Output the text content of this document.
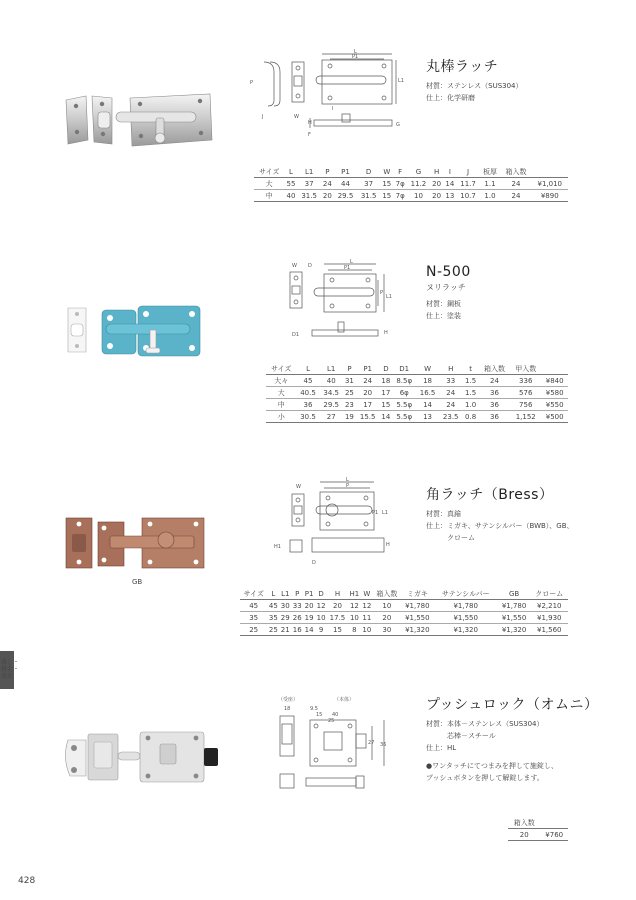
P
J	W
L
P1
L1
H
I
F
G
丸棒ラッチ
材質：ステンレス（SUS304）
仕上：化学研磨
サイズ	L	L1	P	P1	D	W	F	G	H	I	J	板厚	箱入数	
大	55	37	24	44	37	15	7φ	11.2	20	14	11.7	1.1	24	¥1,010
中	40	31.5	20	29.5	31.5	15	7φ	10	20	13	10.7	1.0	24	¥890
W D
L
P1
P
L1
D1	H
N-500
ヌリラッチ
材質：鋼板
仕上：塗装
サイズ	L	L1	P	P1	D	D1	W	H	t	箱入数	甲入数	
大々	45	40	31	24	18	8.5φ	18	33	1.5	24	336	¥840
大	40.5	34.5	25	20	17	6φ	16.5	24	1.5	36	576	¥580
中	36	29.5	23	17	15	5.5φ	14	24	1.0	36	756	¥550
小	30.5	27	19	15.5	14	5.5φ	13	23.5	0.8	36	1,152	¥500
GB
W
L
P
P1 L1
H1	H
D
角ラッチ（Bress）
材質：真鍮
仕上：ミガキ、サテンシルバー（BWB）、GB、
　　　クローム
サイズ	L	L1	P	P1	D	H	H1	W	箱入数	ミガキ	サテンシルバー	GB	クローム
45	45	30	33	20	12	20	12	12	10	¥1,780	¥1,780	¥1,780	¥2,210
35	35	29	26	19	10	17.5	10	11	20	¥1,550	¥1,550	¥1,550	¥1,930
25	25	21	16	14	9	15	8	10	30	¥1,320	¥1,320	¥1,320	¥1,560
落し・
掛金・
南京
（受座）	（本体）
18	9.5
15 40
25
27 36
プッシュロック（オムニ）
材質：本体－ステンレス（SUS304）
　　　芯棒－スチール
仕上：HL
●ワンタッチにてつまみを押して施錠し、プッシュボタンを押して解錠します。
箱入数	
20	¥760
428
